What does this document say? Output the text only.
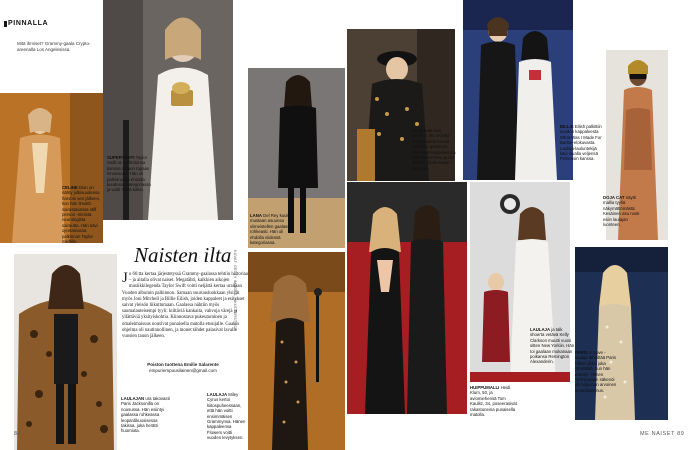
PINNALLA
Mitä ihmiset? Grammy-gaala Crypto-areenalla Los Angelesissa.
SUPERTÄHTI Taylor Swift on palkintonsa kanssa tuttuun tapaan innoissaan. Hän oli palkinnoista ehdolla kuudessa kategoriassa ja voitti niistä kaksi.
CELINE Dion on nähty julkisuudessa harvoin sen jälkeen, kun hän ilmoitti sairastavansa stiff person -nimistä neurologista sairautta. Hän kävi ojentamassa palkinnon Taylor Swiftille.
Naisten ilta
Jo 66:tta kertaa järjestetyssä Grammy-gaalassa tehtiin historiaa – ja aitalla olivat naiset. Megatähti, kaikkien aikojen musiikkilegenda Taylor Swift voitti neljättä kertaa uraltaan Vuoden albumin palkinnon. Samaan suuruusluokkaan ylsivät myös Joni Mitchell ja Billie Eilish, joiden kappaleet ja esitykset saivat yleisön liikuttumaan. Gaalassa nähtiin myös saumalauteisempi tyyli: kiiltäviä kankaita, vahvoja värejä ja yllättäviä yksityiskohtia. Kiinnostava pukeutuminen ja omaleimaisuus nousivat punaisella matolla etusijalle. Gaalan ohjelma oli nautinnollinen, ja monet tähdet palasivat lavalle vuosien tauon jälkeen.
Poiston tuottena Emilie Salarente
empuriempuusilainen@gmail.com
LAULAJAN ura takovasti Paris Jacksonilla on nousussa. Hän esiintyi gaalassa rohkeassa leopardikuosisessa takissa, joka herätti huomiota.
LANA Del Rey kuului mustaan asuunsa viimeistellen gaalassa rohkeasti. Hän oli ehdolla viidessä kategoriassa.
KUVAT: GETTY IMAGES, SHUTTERSTOCK
LAULAJA Miley Cyrus kertoi kiitospuheessaan, että hän voitti ensimmäisen Grammynsa. Hänen kappaleensa Flowers voitti vuoden levytyksen.
84
LAULAJA Joni Mitchell, 80, esiintyi ensimmäistä kertaa Grammy-gaalassa. Hän esitti kappaleensa Both Sides Now ja sai yleisön liikuttumaan kyyneliin.
BILLIE Eilish palkittiin vuoden kappaleesta What Was I Made For Barbie-elokuvasta. Laulaja-lauluntekijä kävi lavalla veljensä Finneasin kanssa.
DOJA CAT näytti mallia tyyliä näkymättömästä. Kesäinen asu nosti esiin laulajan luonteen.
HUIPPUMALLI Heidi Klum, 50, ja aviomiehensä Tom Kaulitz, 34, poseerasivat rakastuneina punaisella matolla.
LAULAJA ja talk show'ta vetävä Kelly Clarkson muutti vuosi sitten New Yorkiin. Hän toi gaalaan mukanaan poikansa Remington Alexanderin.
PARIS in Love -laulaja tähdittää Paris Hilton ylläsi joka lähettäää, kun hän esiintyi. Hänen sormessaan säkenöi yli miljoonan arvoinen timanttisormus.
ME NAISET 89
